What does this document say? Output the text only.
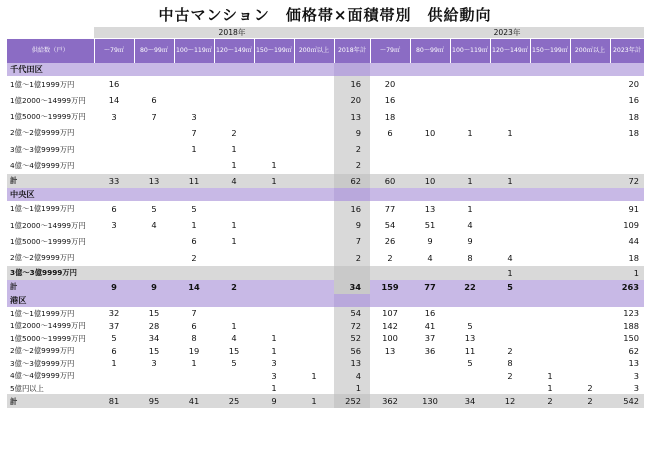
中古マンション　価格帯×面積帯別　供給動向
	2018年							2023年						
供給数（戸）	～79㎡	80～99㎡	100～119㎡	120～149㎡	150～199㎡	200㎡以上	2018年計	～79㎡	80～99㎡	100～119㎡	120～149㎡	150～199㎡	200㎡以上	2023年計
千代田区														
1億～1億1999万円	16						16	20						20
1億2000～14999万円	14	6					20	16						16
1億5000～19999万円	3	7	3				13	18						18
2億～2億9999万円			7	2			9	6	10	1	1			18
3億～3億9999万円			1	1			2							
4億～4億9999万円				1	1		2							
計	33	13	11	4	1		62	60	10	1	1			72
中央区														
1億～1億1999万円	6	5	5				16	77	13	1				91
1億2000～14999万円	3	4	1	1			9	54	51	4				109
1億5000～19999万円			6	1			7	26	9	9				44
2億～2億9999万円			2				2	2	4	8	4			18
3億～3億9999万円											1			1
計	9	9	14	2			34	159	77	22	5			263
港区														
1億～1億1999万円	32	15	7				54	107	16					123
1億2000～14999万円	37	28	6	1			72	142	41	5				188
1億5000～19999万円	5	34	8	4	1		52	100	37	13				150
2億～2億9999万円	6	15	19	15	1		56	13	36	11	2			62
3億～3億9999万円	1	3	1	5	3		13			5	8			13
4億～4億9999万円					3	1	4				2	1		3
5億円以上					1		1					1	2	3
計	81	95	41	25	9	1	252	362	130	34	12	2	2	542
